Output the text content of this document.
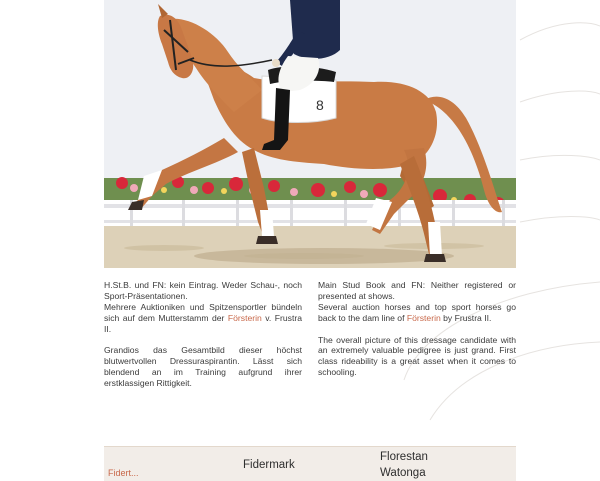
8

H.St.B. und FN: kein Eintrag. Weder Schau-, noch Sport-Präsentationen.

Mehrere Auktioniken und Spitzensportler bündeln sich auf dem Mutterstamm der Försterin v. Frustra II.

Grandios das Gesamtbild dieser höchst blutwertvollen Dressuraspirantin. Lässt sich blendend an im Training aufgrund ihrer erstklassigen Rittigkeit.

Main Stud Book and FN: Neither registered or presented at shows.

Several auction horses and top sport horses go back to the dam line of Försterin by Frustra II.

The overall picture of this dressage candidate with an extremely valuable pedigree is just grand. First class rideability is a great asset when it comes to schooling.

Fidert...
Fidermark
Florestan
Watonga
